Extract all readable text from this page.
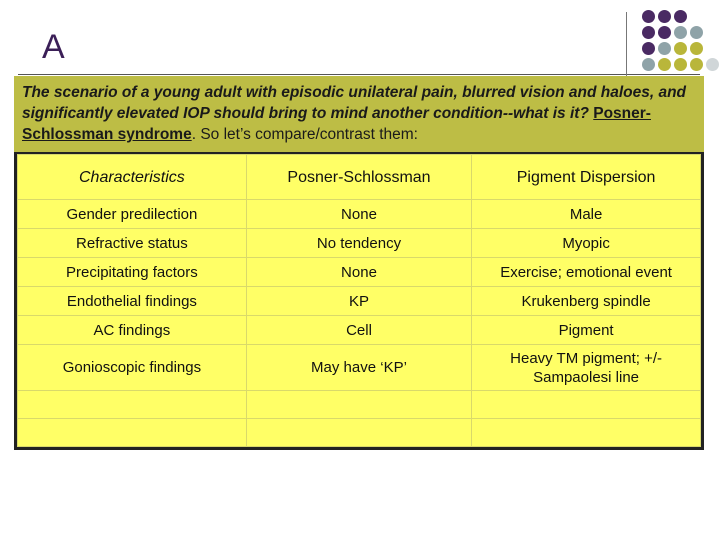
A
The scenario of a young adult with episodic unilateral pain, blurred vision and haloes, and significantly elevated IOP should bring to mind another condition--what is it? Posner-Schlossman syndrome. So let’s compare/contrast them:
Characteristics	Posner-Schlossman	Pigment Dispersion
Gender predilection	None	Male
Refractive status	No tendency	Myopic
Precipitating factors	None	Exercise; emotional event
Endothelial findings	KP	Krukenberg spindle
AC findings	Cell	Pigment
Gonioscopic findings	May have ‘KP’	Heavy TM pigment; +/- Sampaolesi line
